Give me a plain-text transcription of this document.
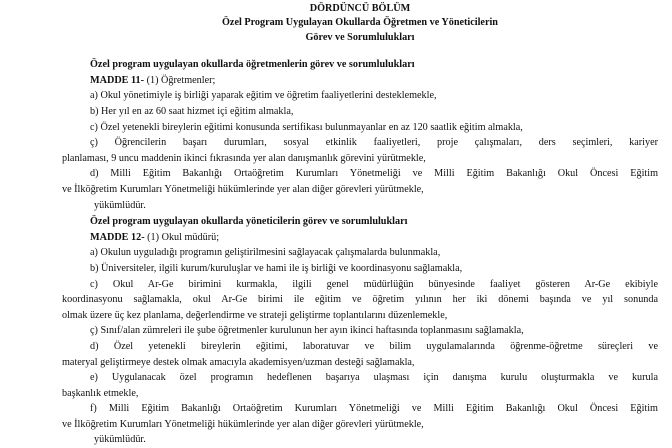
DÖRDÜNCÜ BÖLÜM
Özel Program Uygulayan Okullarda Öğretmen ve Yöneticilerin
Görev ve Sorumlulukları
Özel program uygulayan okullarda öğretmenlerin görev ve sorumlulukları
MADDE 11- (1) Öğretmenler;
a) Okul yönetimiyle iş birliği yaparak eğitim ve öğretim faaliyetlerini desteklemekle,
b) Her yıl en az 60 saat hizmet içi eğitim almakla,
c) Özel yetenekli bireylerin eğitimi konusunda sertifikası bulunmayanlar en az 120 saatlik eğitim almakla,
ç) Öğrencilerin başarı durumları, sosyal etkinlik faaliyetleri, proje çalışmaları, ders seçimleri, kariyer
planlaması, 9 uncu maddenin ikinci fıkrasında yer alan danışmanlık görevini yürütmekle,
d) Milli Eğitim Bakanlığı Ortaöğretim Kurumları Yönetmeliği ve Milli Eğitim Bakanlığı Okul Öncesi Eğitim
ve İlköğretim Kurumları Yönetmeliği hükümlerinde yer alan diğer görevleri yürütmekle,
yükümlüdür.
Özel program uygulayan okullarda yöneticilerin görev ve sorumlulukları
MADDE 12- (1) Okul müdürü;
a) Okulun uyguladığı programın geliştirilmesini sağlayacak çalışmalarda bulunmakla,
b) Üniversiteler, ilgili kurum/kuruluşlar ve hami ile iş birliği ve koordinasyonu sağlamakla,
c) Okul Ar-Ge birimini kurmakla, ilgili genel müdürlüğün bünyesinde faaliyet gösteren Ar-Ge ekibiyle
koordinasyonu sağlamakla, okul Ar-Ge birimi ile eğitim ve öğretim yılının her iki dönemi başında ve yıl sonunda
olmak üzere üç kez planlama, değerlendirme ve strateji geliştirme toplantılarını düzenlemekle,
ç) Sınıf/alan zümreleri ile şube öğretmenler kurulunun her ayın ikinci haftasında toplanmasını sağlamakla,
d) Özel yetenekli bireylerin eğitimi, laboratuvar ve bilim uygulamalarında öğrenme-öğretme süreçleri ve
materyal geliştirmeye destek olmak amacıyla akademisyen/uzman desteği sağlamakla,
e) Uygulanacak özel programın hedeflenen başarıya ulaşması için danışma kurulu oluşturmakla ve kurula
başkanlık etmekle,
f) Milli Eğitim Bakanlığı Ortaöğretim Kurumları Yönetmeliği ve Milli Eğitim Bakanlığı Okul Öncesi Eğitim
ve İlköğretim Kurumları Yönetmeliği hükümlerinde yer alan diğer görevleri yürütmekle,
yükümlüdür.
